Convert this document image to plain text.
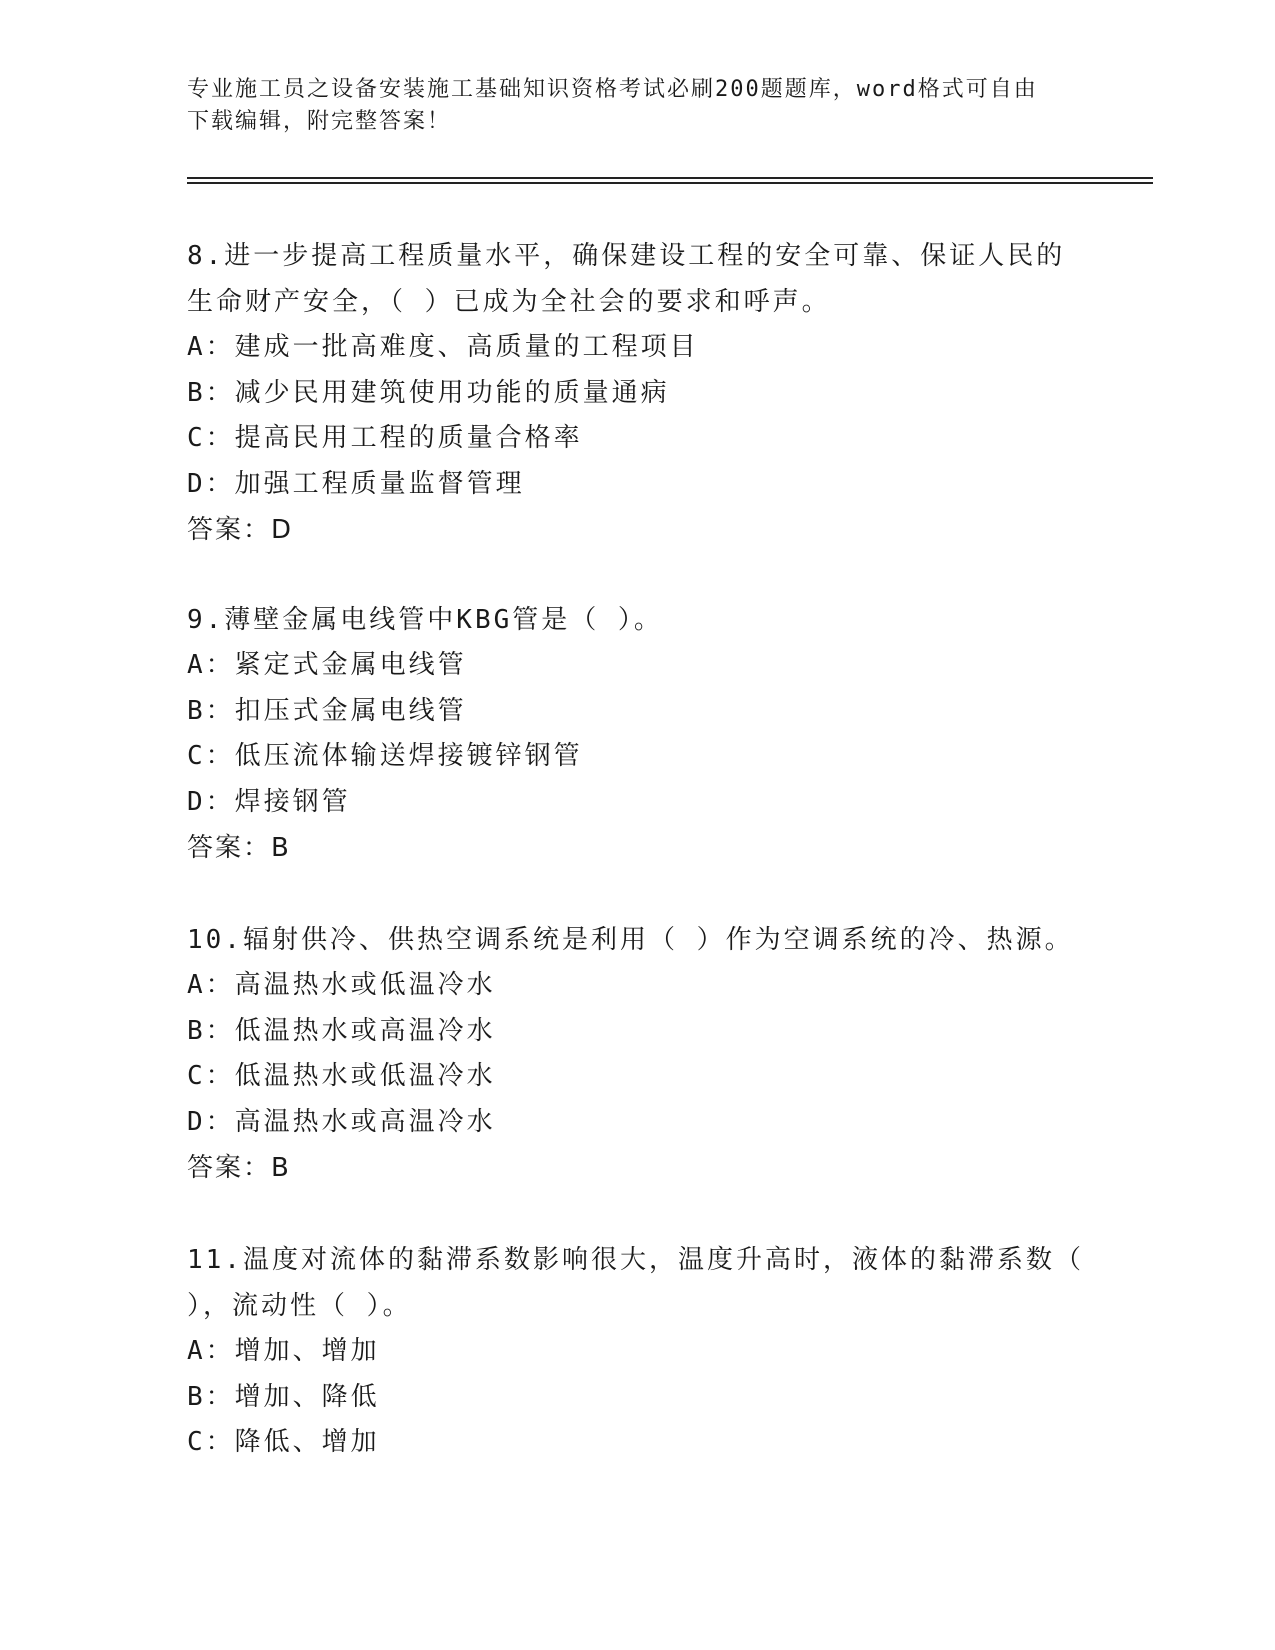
专业施工员之设备安装施工基础知识资格考试必刷200题题库，word格式可自由
下载编辑，附完整答案！
8.进一步提高工程质量水平，确保建设工程的安全可靠、保证人民的
生命财产安全，（ ）已成为全社会的要求和呼声。
A：建成一批高难度、高质量的工程项目
B：减少民用建筑使用功能的质量通病
C：提高民用工程的质量合格率
D：加强工程质量监督管理
答案：D
9.薄壁金属电线管中KBG管是（ ）。
A：紧定式金属电线管
B：扣压式金属电线管
C：低压流体输送焊接镀锌钢管
D：焊接钢管
答案：B
10.辐射供冷、供热空调系统是利用（ ）作为空调系统的冷、热源。
A：高温热水或低温冷水
B：低温热水或高温冷水
C：低温热水或低温冷水
D：高温热水或高温冷水
答案：B
11.温度对流体的黏滞系数影响很大，温度升高时，液体的黏滞系数（
），流动性（ ）。
A：增加、增加
B：增加、降低
C：降低、增加
